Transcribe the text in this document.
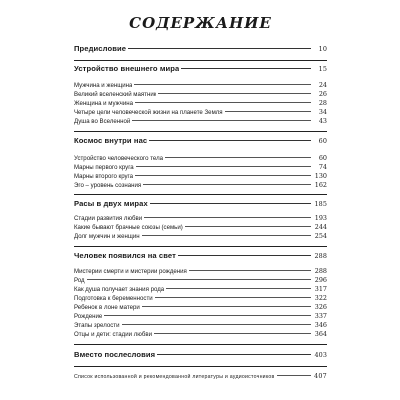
СОДЕРЖАНИЕ
Предисловие	10
Устройство внешнего мира	15
Мужчина и женщина	24
Великий вселенский маятник	26
Женщина и мужчина	28
Четыре цели человеческой жизни на планете Земля	34
Душа во Вселенной	43
Космос внутри нас	60
Устройство человеческого тела	60
Марны первого круга	74
Марны второго круга	130
Эго – уровень сознания	162
Расы в двух мирах	185
Стадии развития любви	193
Какие бывают брачные союзы (семьи)	244
Долг мужчин и женщин	254
Человек появился на свет	288
Мистерии смерти и мистерии рождения	288
Род	296
Как душа получает знания рода	317
Подготовка к беременности	322
Ребенок в лоне матери	326
Рождение	337
Этапы зрелости	346
Отцы и дети: стадии любви	364
Вместо послесловия	403
Список использованной и рекомендованной литературы и аудиоисточников	407
